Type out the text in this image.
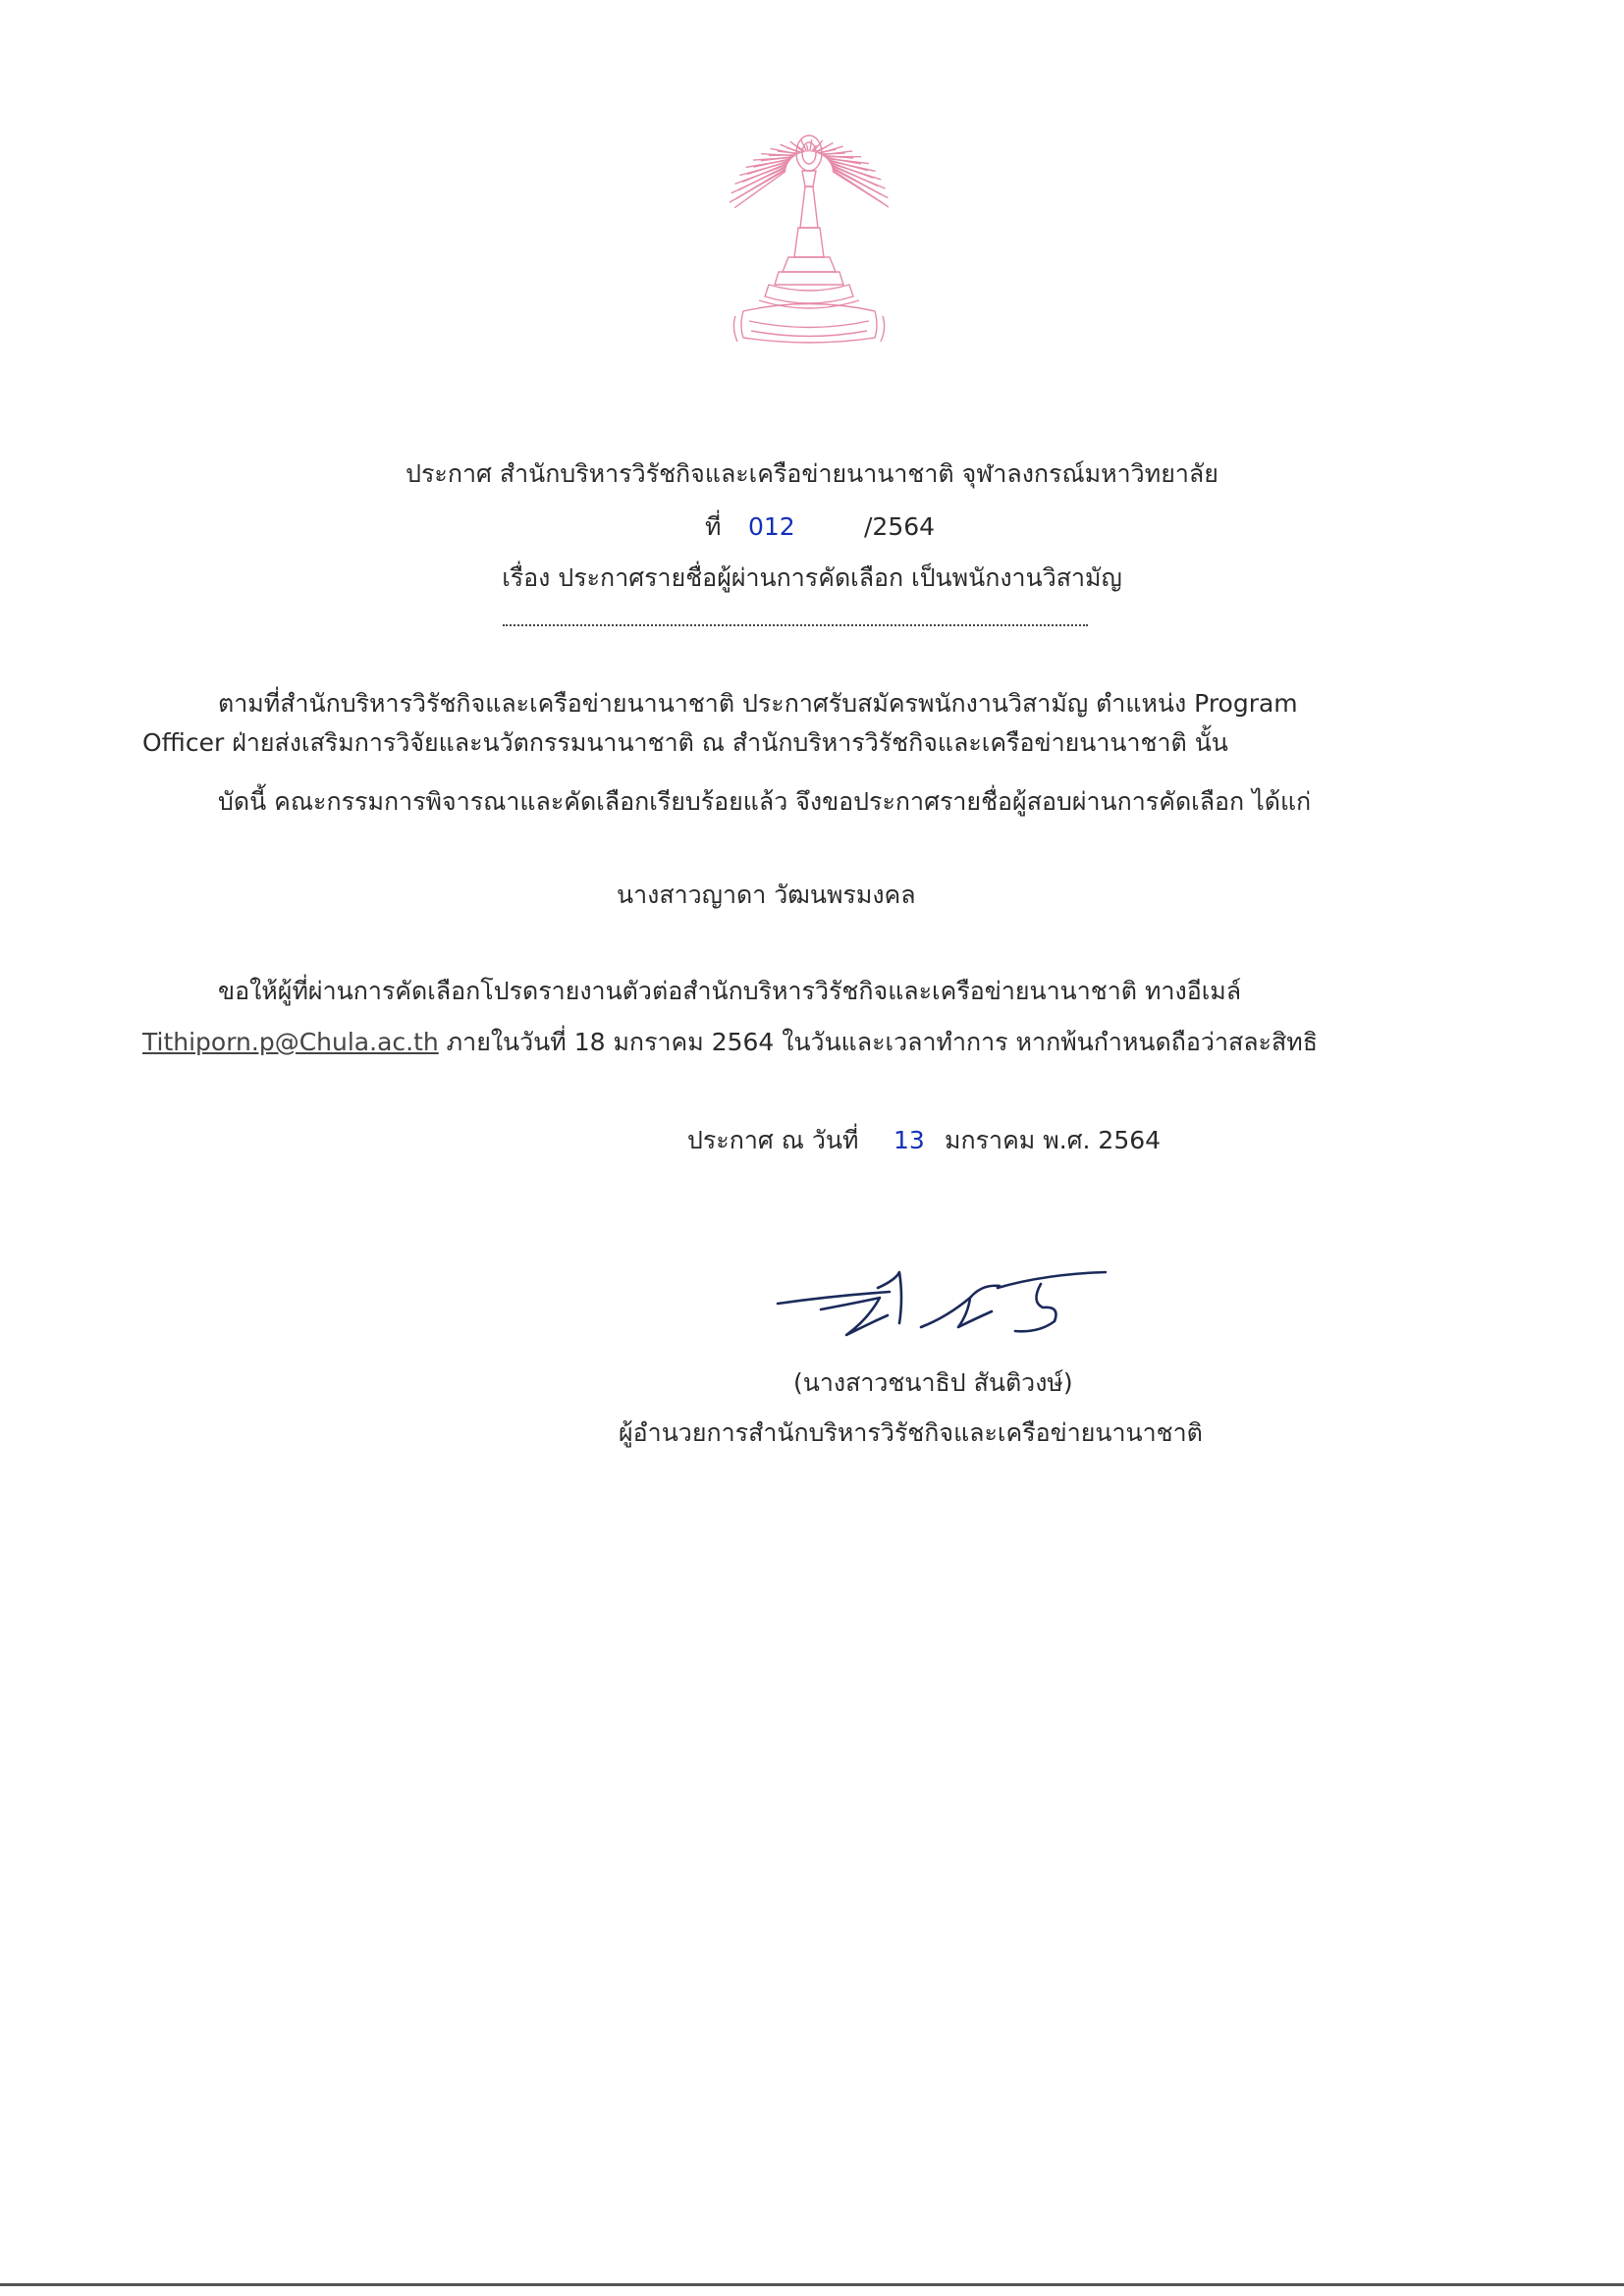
ประกาศ สำนักบริหารวิรัชกิจและเครือข่ายนานาชาติ จุฬาลงกรณ์มหาวิทยาลัย
ที่ 012	/2564
เรื่อง ประกาศรายชื่อผู้ผ่านการคัดเลือก เป็นพนักงานวิสามัญ
ตามที่สำนักบริหารวิรัชกิจและเครือข่ายนานาชาติ ประกาศรับสมัครพนักงานวิสามัญ ตำแหน่ง Program
Officer ฝ่ายส่งเสริมการวิจัยและนวัตกรรมนานาชาติ ณ สำนักบริหารวิรัชกิจและเครือข่ายนานาชาติ นั้น
บัดนี้ คณะกรรมการพิจารณาและคัดเลือกเรียบร้อยแล้ว จึงขอประกาศรายชื่อผู้สอบผ่านการคัดเลือก ได้แก่
นางสาวญาดา วัฒนพรมงคล
ขอให้ผู้ที่ผ่านการคัดเลือกโปรดรายงานตัวต่อสำนักบริหารวิรัชกิจและเครือข่ายนานาชาติ ทางอีเมล์
Tithiporn.p@Chula.ac.th ภายในวันที่ 18 มกราคม 2564 ในวันและเวลาทำการ หากพ้นกำหนดถือว่าสละสิทธิ
ประกาศ ณ วันที่ 13 มกราคม พ.ศ. 2564
(นางสาวชนาธิป สันติวงษ์)
ผู้อำนวยการสำนักบริหารวิรัชกิจและเครือข่ายนานาชาติ
